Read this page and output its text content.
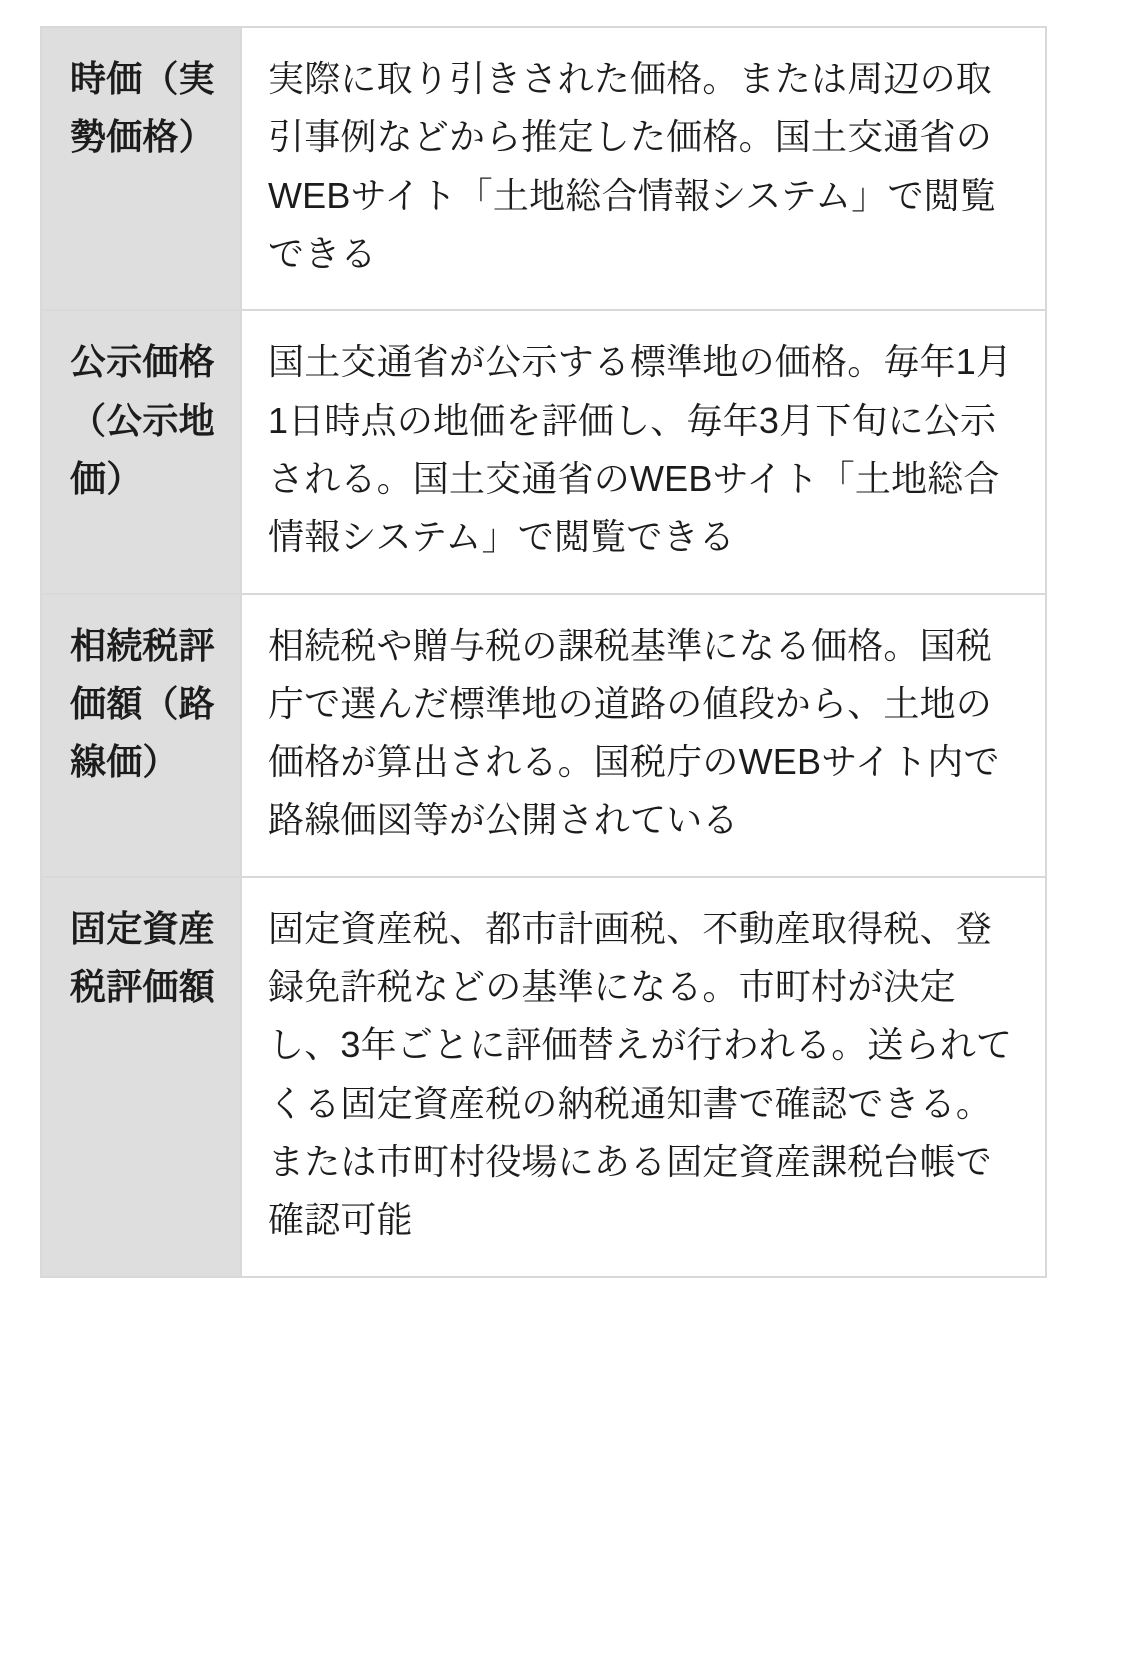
時価（実勢価格）	実際に取り引きされた価格。または周辺の取引事例などから推定した価格。国土交通省のWEBサイト「土地総合情報システム」で閲覧できる
公示価格（公示地価）	国土交通省が公示する標準地の価格。毎年1月1日時点の地価を評価し、毎年3月下旬に公示される。国土交通省のWEBサイト「土地総合情報システム」で閲覧できる
相続税評価額（路線価）	相続税や贈与税の課税基準になる価格。国税庁で選んだ標準地の道路の値段から、土地の価格が算出される。国税庁のWEBサイト内で路線価図等が公開されている
固定資産税評価額	固定資産税、都市計画税、不動産取得税、登録免許税などの基準になる。市町村が決定し、3年ごとに評価替えが行われる。送られてくる固定資産税の納税通知書で確認できる。または市町村役場にある固定資産課税台帳で確認可能
